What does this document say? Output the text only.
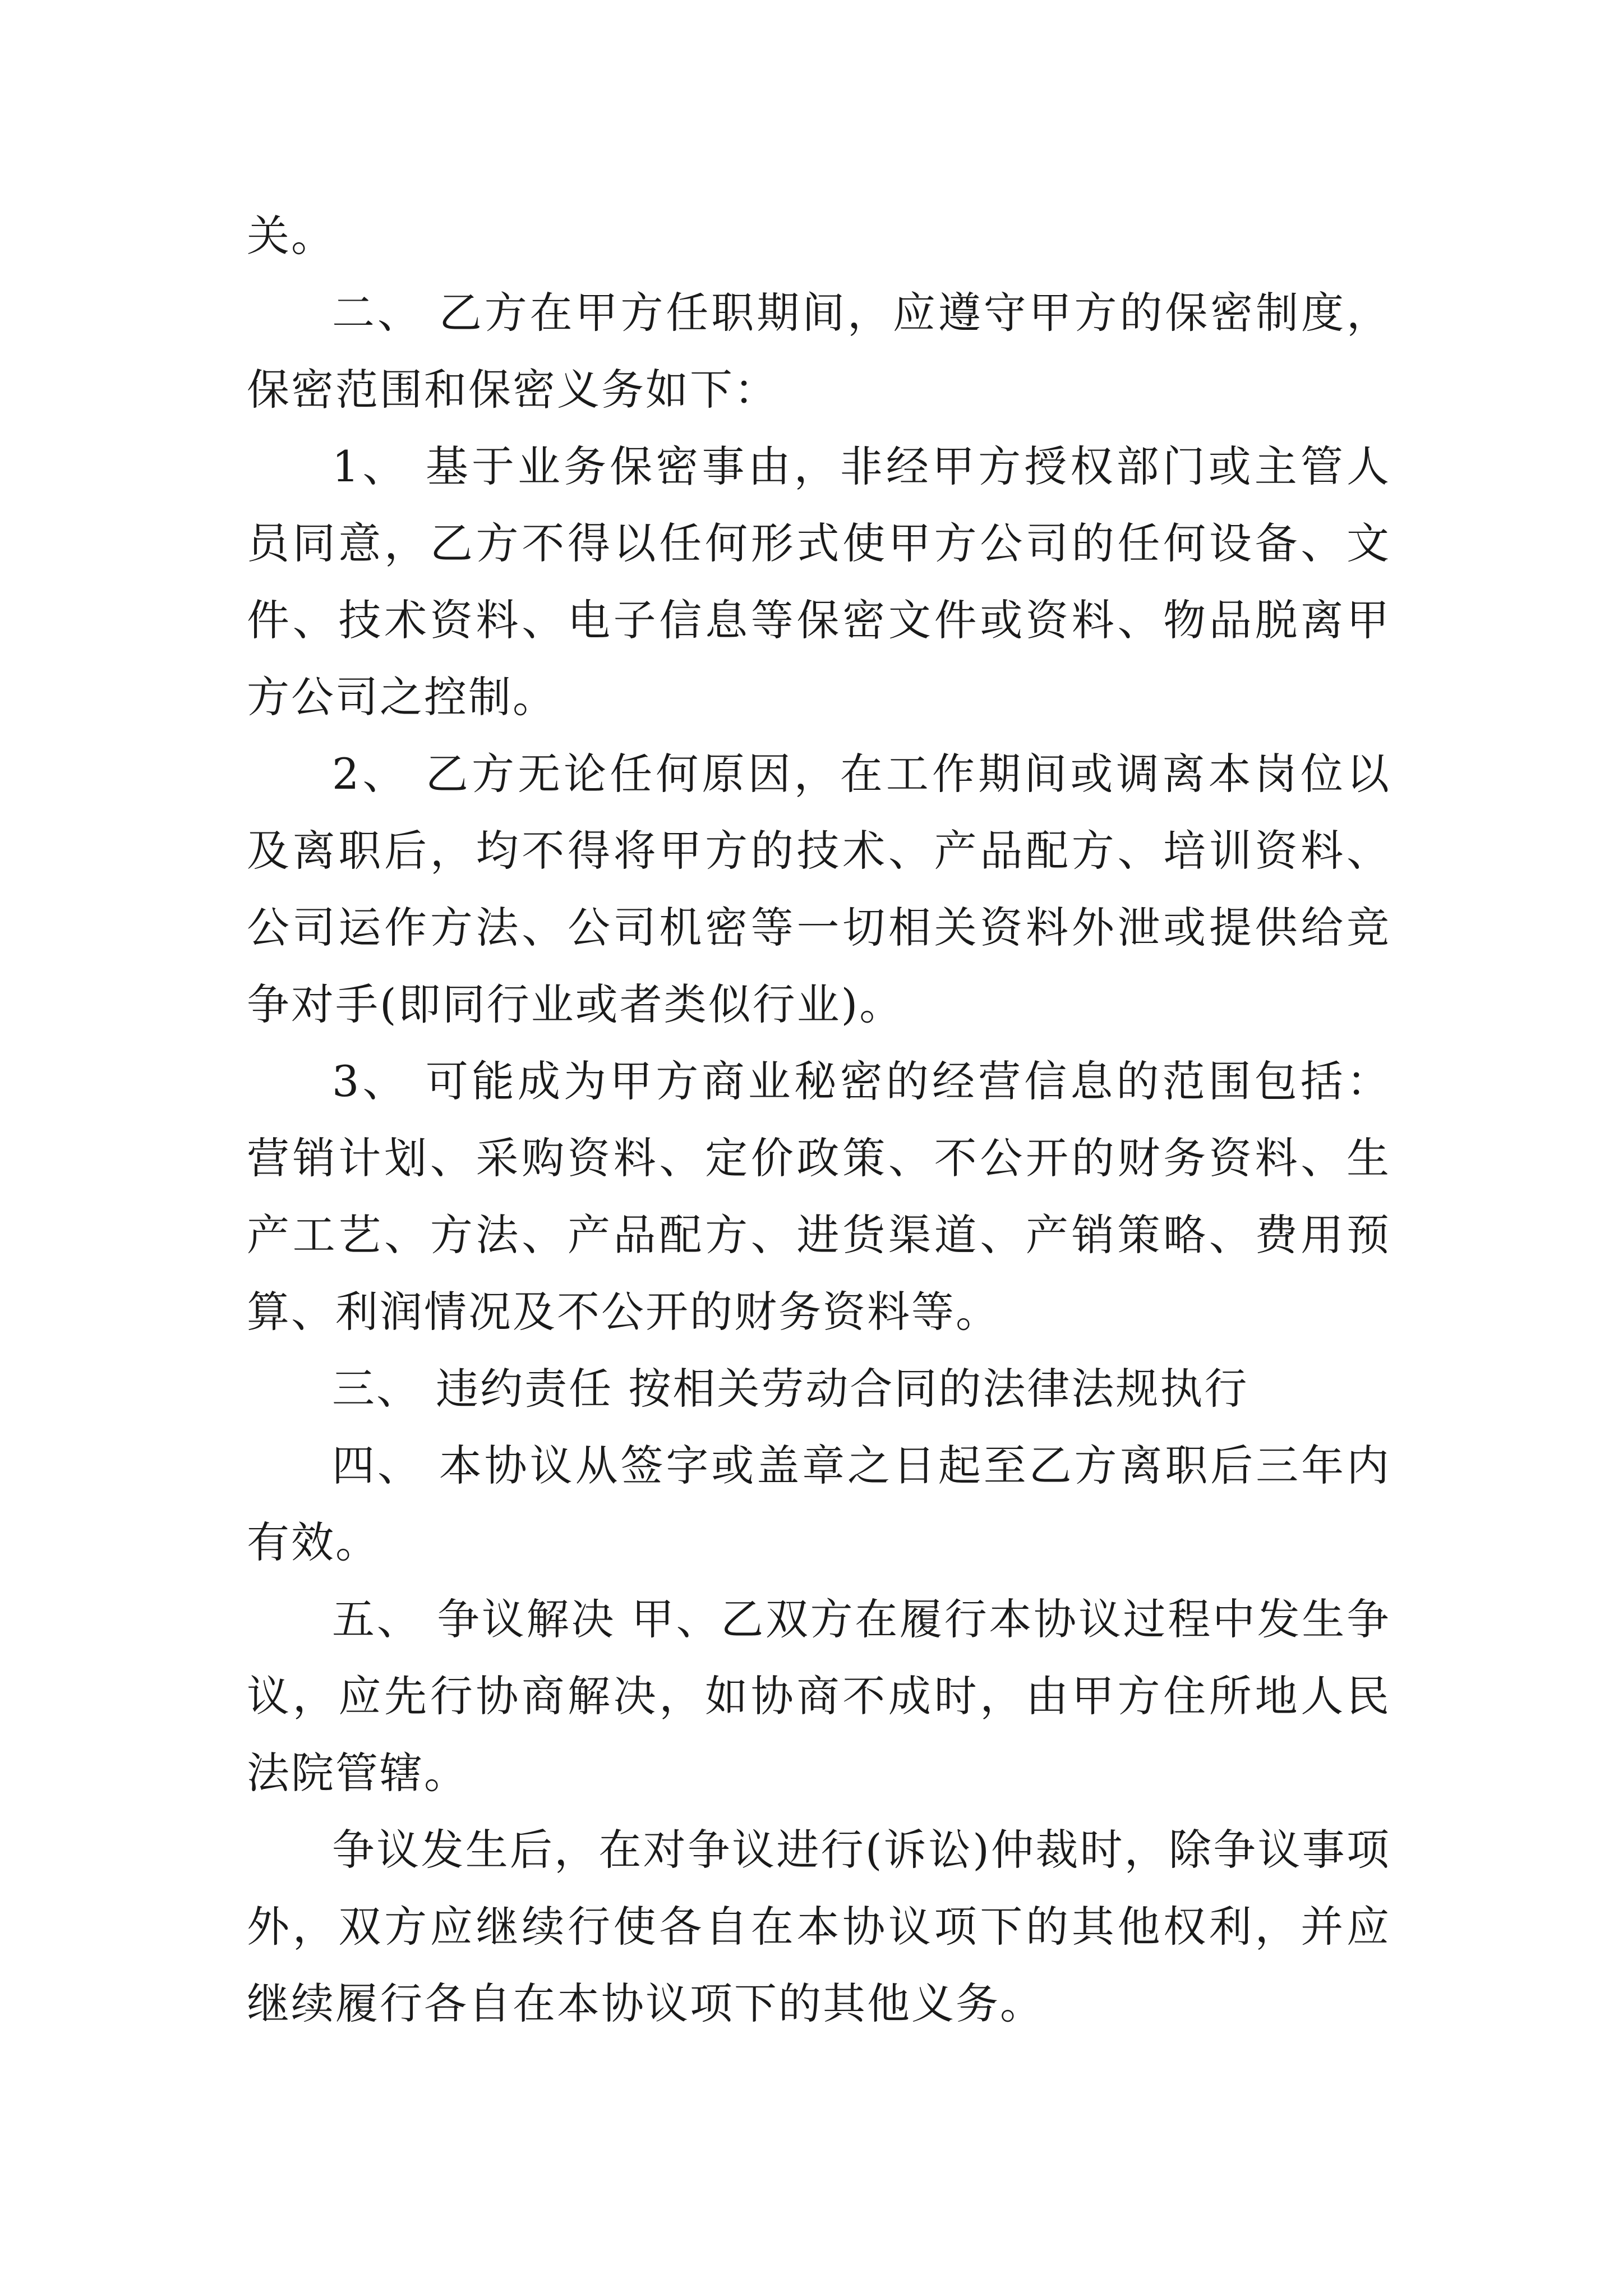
关。

二、 乙方在甲方任职期间，应遵守甲方的保密制度，保密范围和保密义务如下：

1、 基于业务保密事由，非经甲方授权部门或主管人员同意，乙方不得以任何形式使甲方公司的任何设备、文件、技术资料、电子信息等保密文件或资料、物品脱离甲方公司之控制。

2、 乙方无论任何原因，在工作期间或调离本岗位以及离职后，均不得将甲方的技术、产品配方、培训资料、公司运作方法、公司机密等一切相关资料外泄或提供给竞争对手(即同行业或者类似行业)。

3、 可能成为甲方商业秘密的经营信息的范围包括：营销计划、采购资料、定价政策、不公开的财务资料、生产工艺、方法、产品配方、进货渠道、产销策略、费用预算、利润情况及不公开的财务资料等。

三、 违约责任 按相关劳动合同的法律法规执行

四、 本协议从签字或盖章之日起至乙方离职后三年内有效。

五、 争议解决 甲、乙双方在履行本协议过程中发生争议，应先行协商解决，如协商不成时，由甲方住所地人民法院管辖。

争议发生后，在对争议进行(诉讼)仲裁时，除争议事项外，双方应继续行使各自在本协议项下的其他权利，并应继续履行各自在本协议项下的其他义务。
